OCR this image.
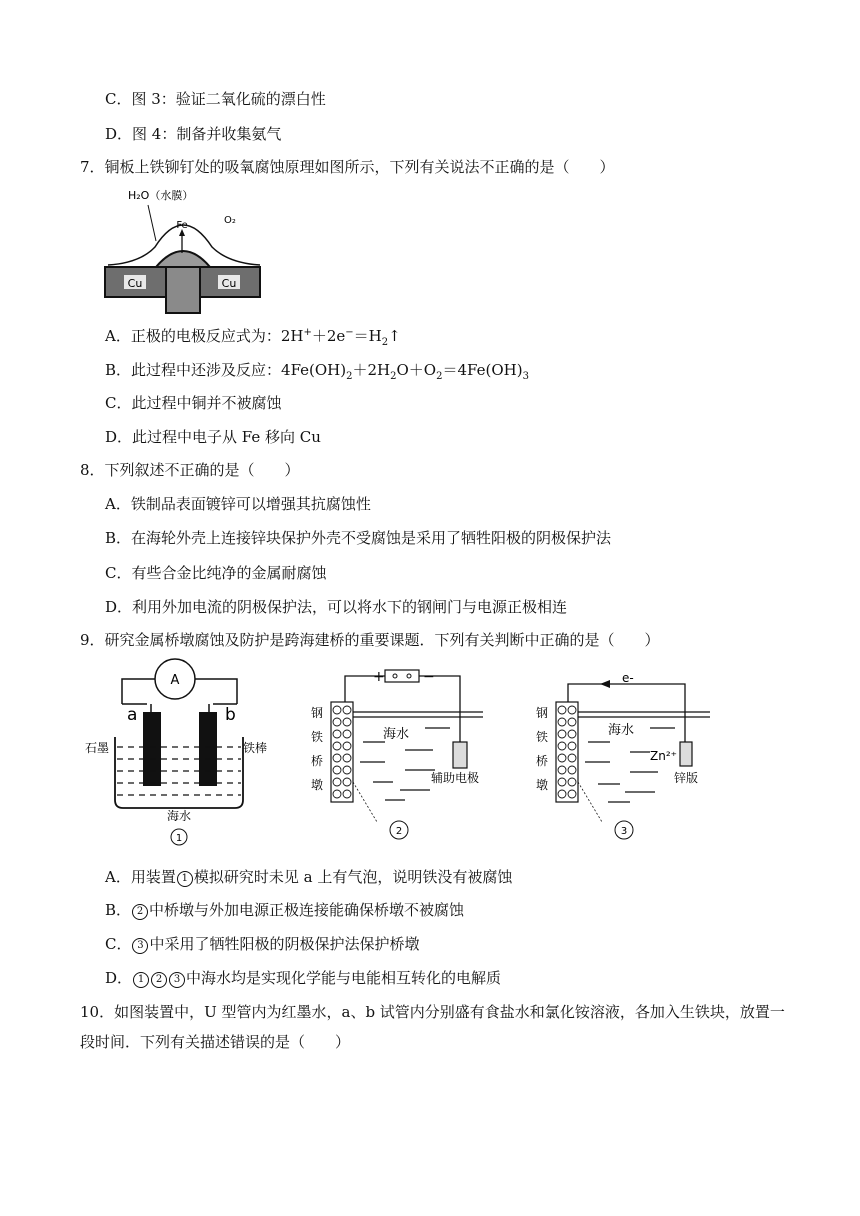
C．图 3：验证二氧化硫的漂白性
D．图 4：制备并收集氨气
7．铜板上铁铆钉处的吸氧腐蚀原理如图所示，下列有关说法不正确的是（　　）
Cu	Cu
Fe
H₂O（水膜）
O₂
A．正极的电极反应式为：$2H^++2e^-=H_2↑$
B．此过程中还涉及反应：$4Fe(OH)_2+2H_2O+O_2=4Fe(OH)_3$
C．此过程中铜并不被腐蚀
D．此过程中电子从 Fe 移向 Cu
8．下列叙述不正确的是（　　）
A．铁制品表面镀锌可以增强其抗腐蚀性
B．在海轮外壳上连接锌块保护外壳不受腐蚀是采用了牺牲阳极的阴极保护法
C．有些合金比纯净的金属耐腐蚀
D．利用外加电流的阴极保护法，可以将水下的钢闸门与电源正极相连
9．研究金属桥墩腐蚀及防护是跨海建桥的重要课题．下列有关判断中正确的是（　　）
A
a	b
石墨	铁棒
海水
1
+	−
钢
铁
桥
墩
海水
辅助电极
2
e-
钢
铁
桥
墩
海水
Zn²⁺
锌版
3
A．用装置 1 模拟研究时未见 a 上有气泡，说明铁没有被腐蚀
B． 2 中桥墩与外加电源正极连接能确保桥墩不被腐蚀
C． 3 中采用了牺牲阳极的阴极保护法保护桥墩
D． 1 2 3 中海水均是实现化学能与电能相互转化的电解质
10．如图装置中，U 型管内为红墨水，a、b 试管内分别盛有食盐水和氯化铵溶液，各加入生铁块，放置一
段时间．下列有关描述错误的是（　　）
